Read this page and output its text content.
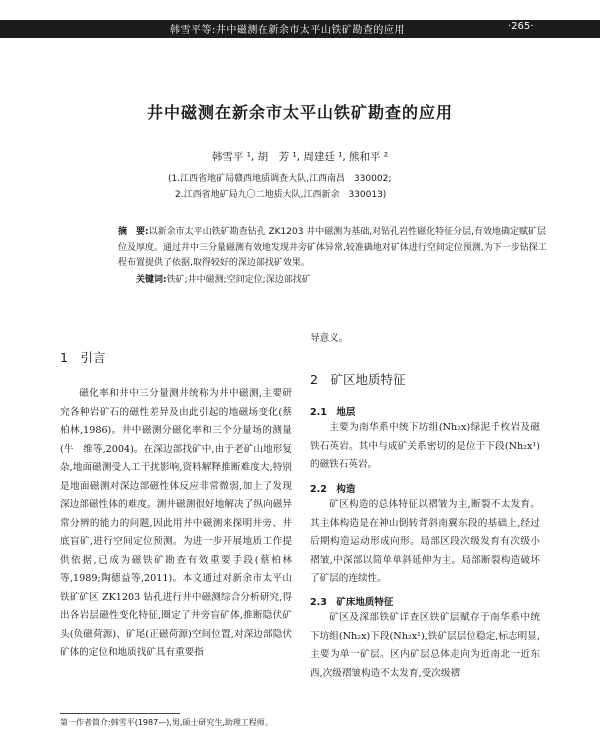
韩雪平等:井中磁测在新余市太平山铁矿勘查的应用	·265·
井中磁测在新余市太平山铁矿勘查的应用
韩雪平 ¹, 胡　芳 ¹, 周建廷 ¹, 熊和平 ²
(1.江西省地矿局赣西地质调查大队,江西南昌　330002;
2.江西省地矿局九〇二地质大队,江西新余　330013)
摘　要:以新余市太平山铁矿勘查钻孔 ZK1203 井中磁测为基础,对钻孔岩性磁化特征分层,有效地确定赋矿层位及厚度。通过井中三分量磁测有效地发现井旁矿体异常,较准确地对矿体进行空间定位预测,为下一步钻探工程布置提供了依据,取得较好的深边部找矿效果。
关键词:铁矿;井中磁测;空间定位;深边部找矿
1　引言

磁化率和井中三分量测井统称为井中磁测,主要研究各种岩矿石的磁性差异及由此引起的地磁场变化(蔡柏林,1986)。井中磁测分磁化率和三个分量场的测量(牛　维等,2004)。在深边部找矿中,由于老矿山地形复杂,地面磁测受人工干扰影响,资料解释推断难度大,特别是地面磁测对深边部磁性体反应非常微弱,加上了发现深边部磁性体的难度。测井磁测很好地解决了纵向磁异常分辨的能力的问题,因此用井中磁测来探明井旁、井底盲矿,进行空间定位预测。为进一步开展地质工作提供依据,已成为磁铁矿勘查有效重要手段(蔡柏林等,1989;陶德益等,2011)。本文通过对新余市太平山铁矿矿区 ZK1203 钻孔进行井中磁测综合分析研究,得出各岩层磁性变化特征,圈定了井旁盲矿体,推断隐伏矿头(负磁荷源)、矿尾(正磁荷源)空间位置,对深边部隐伏矿体的定位和地质找矿具有重要指

导意义。

2　矿区地质特征
2.1　地层

主要为南华系中统下坊组(Nh₂x)绿泥千枚岩及磁铁石英岩。其中与成矿关系密切的是位于下段(Nh₂x¹)的磁铁石英岩。

2.2　构造

矿区构造的总体特征以褶皱为主,断裂不太发育。其主体构造是在神山倒转背斜南翼东段的基础上,经过后期构造运动形成向形。局部区段次级发育有次级小褶皱,中深部以简单单斜延伸为主。局部断裂构造破坏了矿层的连续性。

2.3　矿床地质特征

矿区及深部铁矿详查区铁矿层赋存于南华系中统下坊组(Nh₂x)下段(Nh₂x¹),铁矿层层位稳定,标志明显,主要为单一矿层。区内矿层总体走向为近南北一近东西,次级褶皱构造不太发育,受次级褶

第一作者简介:韩雪平(1987—),男,硕士研究生,助理工程师。
